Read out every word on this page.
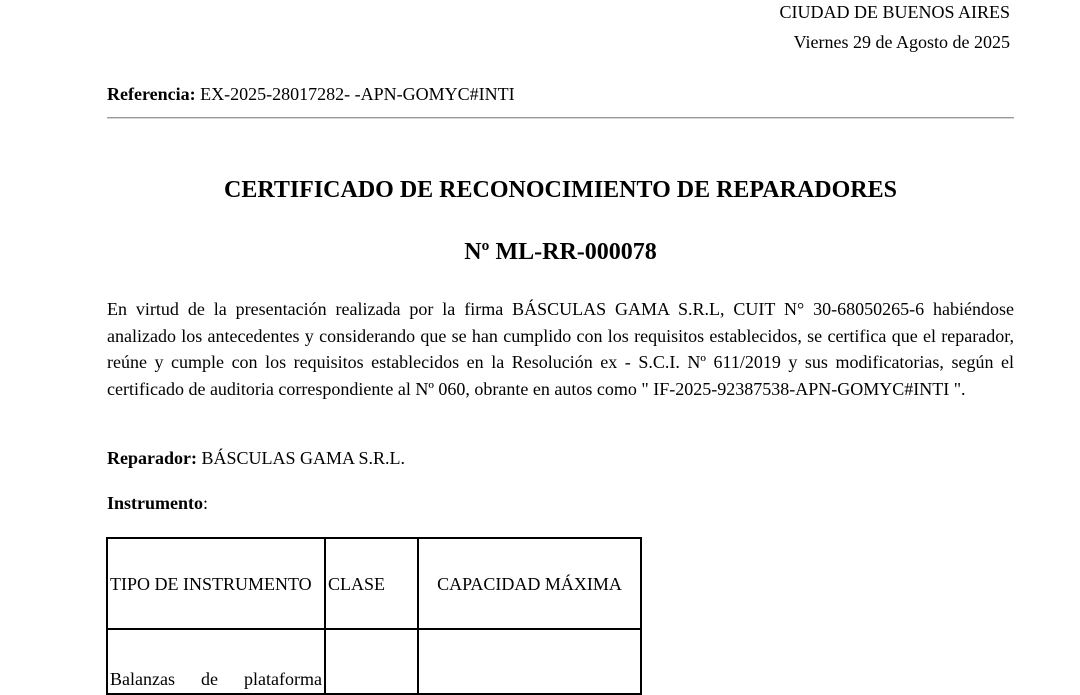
CIUDAD DE BUENOS AIRES
Viernes 29 de Agosto de 2025
Referencia: EX-2025-28017282- -APN-GOMYC#INTI
CERTIFICADO DE RECONOCIMIENTO DE REPARADORES
Nº ML-RR-000078

En virtud de la presentación realizada por la firma BÁSCULAS GAMA S.R.L, CUIT N° 30-68050265-6 habiéndose analizado los antecedentes y considerando que se han cumplido con los requisitos establecidos, se certifica que el reparador, reúne y cumple con los requisitos establecidos en la Resolución ex - S.C.I. Nº 611/2019 y sus modificatorias, según el certificado de auditoria correspondiente al Nº 060, obrante en autos como " IF-2025-92387538-APN-GOMYC#INTI ".

Reparador: BÁSCULAS GAMA S.R.L.
Instrumento:
TIPO DE INSTRUMENTO	CLASE	CAPACIDAD MÁXIMA
Balanzas de plataforma		
